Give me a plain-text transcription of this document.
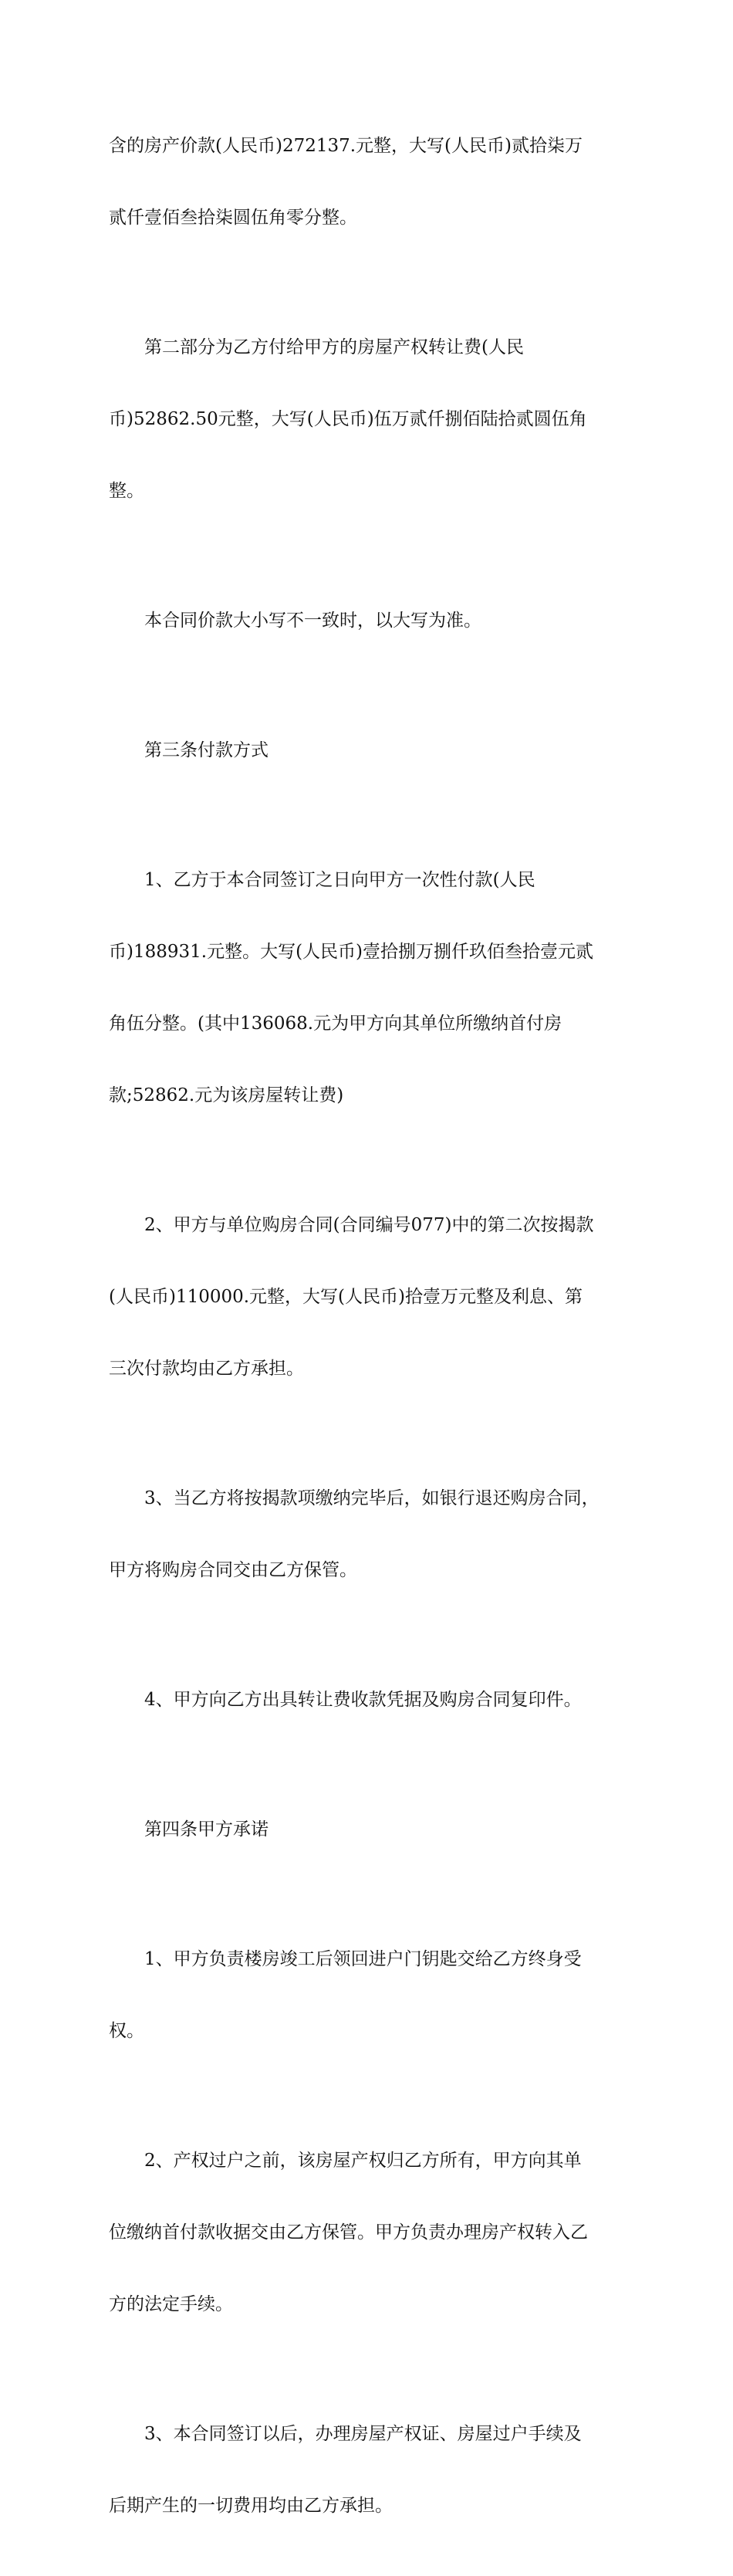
含的房产价款(人民币)272137.元整，大写(人民币)贰拾柒万

贰仟壹佰叁拾柒圆伍角零分整。

第二部分为乙方付给甲方的房屋产权转让费(人民

币)52862.50元整，大写(人民币)伍万贰仟捌佰陆拾贰圆伍角

整。

本合同价款大小写不一致时，以大写为准。

第三条付款方式

1、乙方于本合同签订之日向甲方一次性付款(人民

币)188931.元整。大写(人民币)壹拾捌万捌仟玖佰叁拾壹元贰

角伍分整。(其中136068.元为甲方向其单位所缴纳首付房

款;52862.元为该房屋转让费)

2、甲方与单位购房合同(合同编号077)中的第二次按揭款

(人民币)110000.元整，大写(人民币)拾壹万元整及利息、第

三次付款均由乙方承担。

3、当乙方将按揭款项缴纳完毕后，如银行退还购房合同，

甲方将购房合同交由乙方保管。

4、甲方向乙方出具转让费收款凭据及购房合同复印件。

第四条甲方承诺

1、甲方负责楼房竣工后领回进户门钥匙交给乙方终身受

权。

2、产权过户之前，该房屋产权归乙方所有，甲方向其单

位缴纳首付款收据交由乙方保管。甲方负责办理房产权转入乙

方的法定手续。

3、本合同签订以后，办理房屋产权证、房屋过户手续及

后期产生的一切费用均由乙方承担。
